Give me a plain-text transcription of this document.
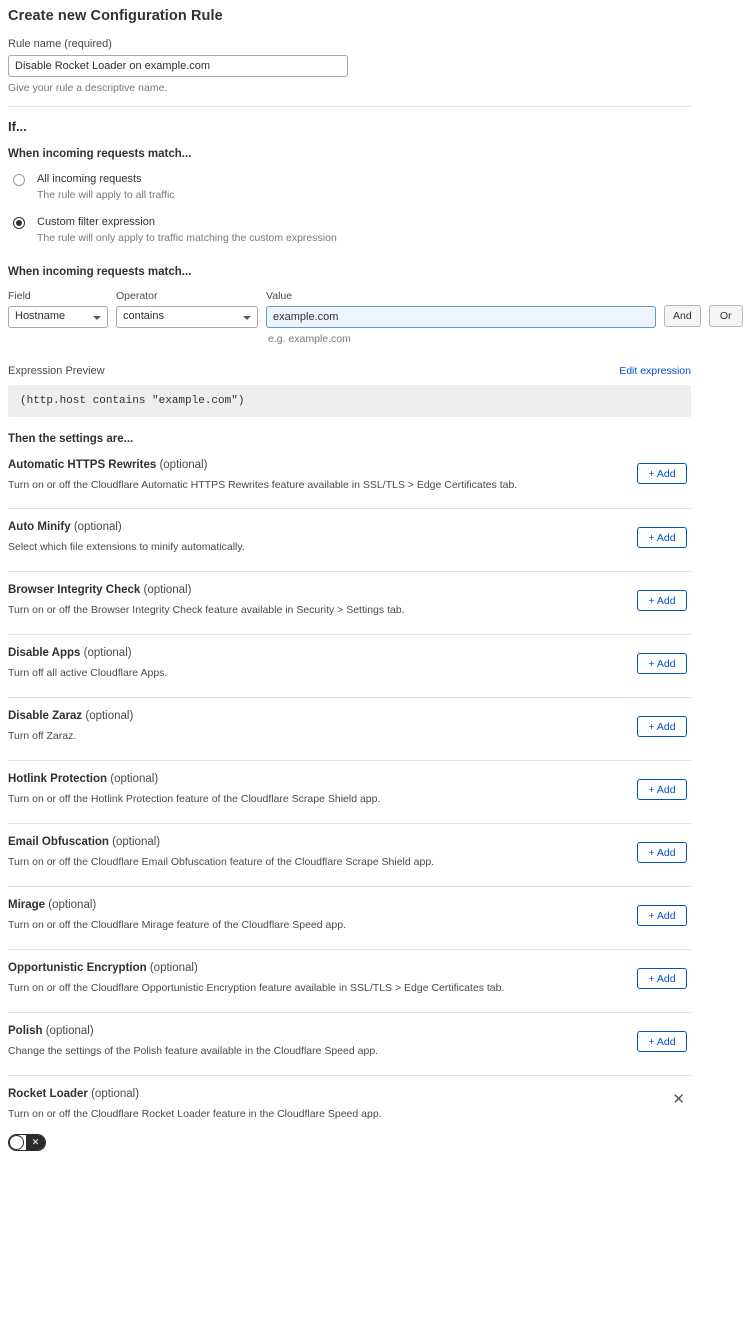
Create new Configuration Rule
Rule name (required)
Disable Rocket Loader on example.com
Give your rule a descriptive name.
If...
When incoming requests match...
All incoming requests
The rule will apply to all traffic
Custom filter expression
The rule will only apply to traffic matching the custom expression
When incoming requests match...
Field
Hostname
Operator
contains
Value
example.com
e.g. example.com
And	Or
Expression Preview	Edit expression
(http.host contains "example.com")
Then the settings are...
Automatic HTTPS Rewrites (optional)
Turn on or off the Cloudflare Automatic HTTPS Rewrites feature available in SSL/TLS > Edge Certificates tab.
+ Add
Auto Minify (optional)
Select which file extensions to minify automatically.
+ Add
Browser Integrity Check (optional)
Turn on or off the Browser Integrity Check feature available in Security > Settings tab.
+ Add
Disable Apps (optional)
Turn off all active Cloudflare Apps.
+ Add
Disable Zaraz (optional)
Turn off Zaraz.
+ Add
Hotlink Protection (optional)
Turn on or off the Hotlink Protection feature of the Cloudflare Scrape Shield app.
+ Add
Email Obfuscation (optional)
Turn on or off the Cloudflare Email Obfuscation feature of the Cloudflare Scrape Shield app.
+ Add
Mirage (optional)
Turn on or off the Cloudflare Mirage feature of the Cloudflare Speed app.
+ Add
Opportunistic Encryption (optional)
Turn on or off the Cloudflare Opportunistic Encryption feature available in SSL/TLS > Edge Certificates tab.
+ Add
Polish (optional)
Change the settings of the Polish feature available in the Cloudflare Speed app.
+ Add
Rocket Loader (optional)
Turn on or off the Cloudflare Rocket Loader feature in the Cloudflare Speed app.
✕
✕
